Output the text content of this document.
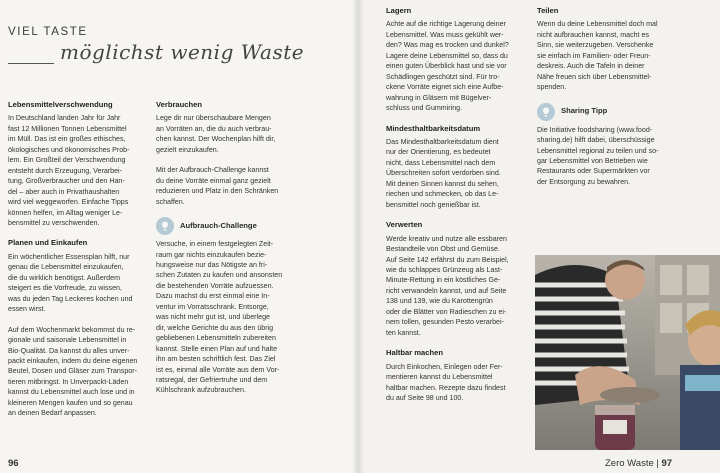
VIEL TASTE
möglichst wenig Waste
Lebensmittelverschwendung
In Deutschland landen Jahr für Jahr
fast 12 Millionen Tonnen Lebensmittel
im Müll. Das ist ein großes ethisches,
ökologisches und ökonomisches Prob-
lem. Ein Großteil der Verschwendung
entsteht durch Erzeugung, Verarbei-
tung, Großverbraucher und den Han-
del – aber auch in Privathaushalten
wird viel weggeworfen. Einfache Tipps
können helfen, im Alltag weniger Le-
bensmittel zu verschwenden.
Planen und Einkaufen
Ein wöchentlicher Essensplan hilft, nur
genau die Lebensmittel einzukaufen,
die du wirklich benötigst. Außerdem
steigert es die Vorfreude, zu wissen,
was du jeden Tag Leckeres kochen und
essen wirst.
Auf dem Wochenmarkt bekommst du re-
gionale und saisonale Lebensmittel in
Bio-Qualität. Da kannst du alles unver-
packt einkaufen, indem du deine eigenen
Beutel, Dosen und Gläser zum Transpor-
tieren mitbringst. In Unverpackt-Läden
kannst du Lebensmittel auch lose und in
kleineren Mengen kaufen und so genau
an deinen Bedarf anpassen.
Verbrauchen
Lege dir nur überschaubare Mengen
an Vorräten an, die du auch verbrau-
chen kannst. Der Wochenplan hilft dir,
gezielt einzukaufen.
Mit der Aufbrauch-Challenge kannst
du deine Vorräte einmal ganz gezielt
reduzieren und Platz in den Schränken
schaffen.
Aufbrauch-Challenge
Versuche, in einem festgelegten Zeit-
raum gar nichts einzukaufen bezie-
hungsweise nur das Nötigste an fri-
schen Zutaten zu kaufen und ansonsten
die bestehenden Vorräte aufzuessen.
Dazu machst du erst einmal eine In-
ventur im Vorratsschrank. Entsorge,
was nicht mehr gut ist, und überlege
dir, welche Gerichte du aus den übrig
gebliebenen Lebensmitteln zubereiten
kannst. Stelle einen Plan auf und halte
ihn am besten schriftlich fest. Das Ziel
ist es, einmal alle Vorräte aus dem Vor-
ratsregal, der Gefriertruhe und dem
Kühlschrank aufzubrauchen.
96
Lagern
Achte auf die richtige Lagerung deiner
Lebensmittel. Was muss gekühlt wer-
den? Was mag es trocken und dunkel?
Lagere deine Lebensmittel so, dass du
einen guten Überblick hast und sie vor
Schädlingen geschützt sind. Für tro-
ckene Vorräte eignet sich eine Aufbe-
wahrung in Gläsern mit Bügelver-
schluss und Gummiring.
Mindesthaltbarkeitsdatum
Das Mindesthaltbarkeitsdatum dient
nur der Orientierung, es bedeutet
nicht, dass Lebensmittel nach dem
Überschreiten sofort verdorben sind.
Mit deinen Sinnen kannst du sehen,
riechen und schmecken, ob das Le-
bensmittel noch genießbar ist.
Verwerten
Werde kreativ und nutze alle essbaren
Bestandteile von Obst und Gemüse.
Auf Seite 142 erfährst du zum Beispiel,
wie du schlappes Grünzeug als Last-
Minute-Rettung in ein köstliches Ge-
richt verwandeln kannst, und auf Seite
138 und 139, wie du Karottengrün
oder die Blätter von Radieschen zu ei-
nem tollen, gesunden Pesto verarbei-
ten kannst.
Haltbar machen
Durch Einkochen, Einlegen oder Fer-
mentieren kannst du Lebensmittel
haltbar machen. Rezepte dazu findest
du auf Seite 98 und 100.
Teilen
Wenn du deine Lebensmittel doch mal
nicht aufbrauchen kannst, macht es
Sinn, sie weiterzugeben. Verschenke
sie einfach im Familien- oder Freun-
deskreis. Auch die Tafeln in deiner
Nähe freuen sich über Lebensmittel-
spenden.
Sharing Tipp
Die Initiative foodsharing (www.food-
sharing.de) hilft dabei, überschüssige
Lebensmittel regional zu teilen und so-
gar Lebensmittel von Betrieben wie
Restaurants oder Supermärkten vor
der Entsorgung zu bewahren.
Zero Waste | 97
